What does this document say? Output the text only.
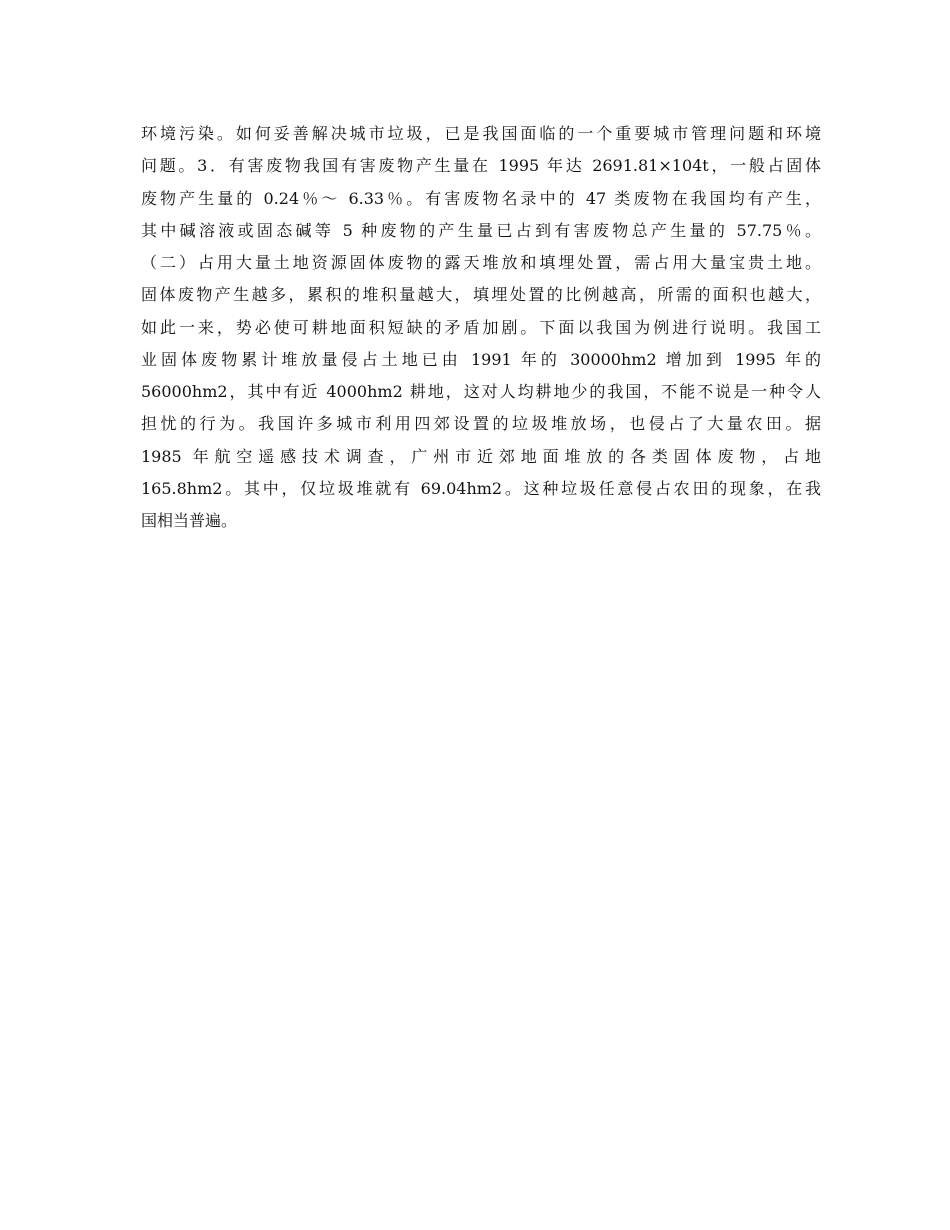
环境污染。如何妥善解决城市垃圾，已是我国面临的一个重要城市管理问题和环境
问题。3．有害废物我国有害废物产生量在 1995 年达 2691.81×104t，一般占固体
废物产生量的 0.24％～ 6.33％。有害废物名录中的 47 类废物在我国均有产生，
其中碱溶液或固态碱等 5 种废物的产生量已占到有害废物总产生量的 57.75％。
（二）占用大量土地资源固体废物的露天堆放和填埋处置，需占用大量宝贵土地。
固体废物产生越多，累积的堆积量越大，填埋处置的比例越高，所需的面积也越大，
如此一来，势必使可耕地面积短缺的矛盾加剧。下面以我国为例进行说明。我国工
业固体废物累计堆放量侵占土地已由 1991 年的 30000hm2 增加到 1995 年的
56000hm2，其中有近 4000hm2 耕地，这对人均耕地少的我国，不能不说是一种令人
担忧的行为。我国许多城市利用四郊设置的垃圾堆放场，也侵占了大量农田。据
1985 年航空遥感技术调查，广州市近郊地面堆放的各类固体废物，占地
165.8hm2。其中，仅垃圾堆就有 69.04hm2。这种垃圾任意侵占农田的现象，在我
国相当普遍。
